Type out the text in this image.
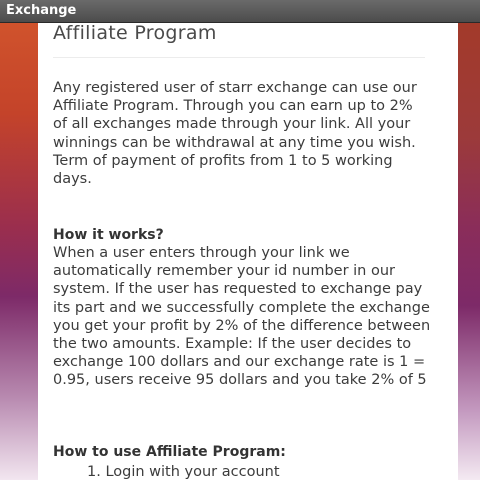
Exchange
Affiliate Program

Any registered user of starr exchange can use our Affiliate Program. Through you can earn up to 2% of all exchanges made through your link. All your winnings can be withdrawal at any time you wish. Term of payment of profits from 1 to 5 working days.

How it works?

When a user enters through your link we automatically remember your id number in our system. If the user has requested to exchange pay its part and we successfully complete the exchange you get your profit by 2% of the difference between the two amounts. Example: If the user decides to exchange 100 dollars and our exchange rate is 1 = 0.95, users receive 95 dollars and you take 2% of 5

How to use Affiliate Program:
1. Login with your account
